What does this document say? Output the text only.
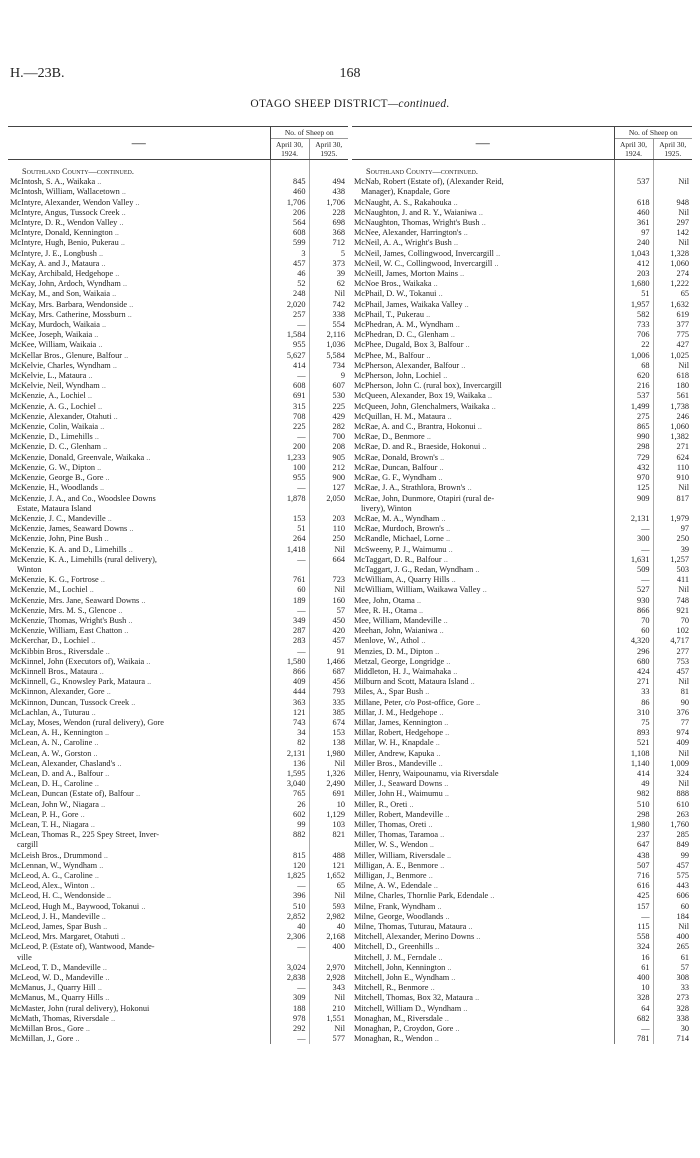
H.—23B.	168
OTAGO SHEEP DISTRICT—continued.
—	No. of Sheep on	
	April 30,
1924.	April 30,
1925.
Southland County—continued.		
McIntosh, S. A., Waikaka ..	845	494
McIntosh, William, Wallacetown ..	460	438
McIntyre, Alexander, Wendon Valley ..	1,706	1,706
McIntyre, Angus, Tussock Creek ..	206	228
McIntyre, D. R., Wendon Valley ..	564	698
McIntyre, Donald, Kennington ..	608	368
McIntyre, Hugh, Benio, Pukerau ..	599	712
McIntyre, J. E., Longbush ..	3	5
McKay, A. and J., Mataura ..	457	373
McKay, Archibald, Hedgehope ..	46	39
McKay, John, Ardoch, Wyndham ..	52	62
McKay, M., and Son, Waikaia ..	248	Nil
McKay, Mrs. Barbara, Wendonside ..	2,020	742
McKay, Mrs. Catherine, Mossburn ..	257	338
McKay, Murdoch, Waikaia ..	—	554
McKee, Joseph, Waikaia ..	1,584	2,116
McKee, William, Waikaia ..	955	1,036
McKellar Bros., Glenure, Balfour ..	5,627	5,584
McKelvie, Charles, Wyndham ..	414	734
McKelvie, L., Mataura ..	—	9
McKelvie, Neil, Wyndham ..	608	607
McKenzie, A., Lochiel ..	691	530
McKenzie, A. G., Lochiel ..	315	225
McKenzie, Alexander, Otahuti ..	708	429
McKenzie, Colin, Waikaia ..	225	282
McKenzie, D., Limehills ..	—	700
McKenzie, D. C., Glenham ..	200	208
McKenzie, Donald, Greenvale, Waikaka ..	1,233	905
McKenzie, G. W., Dipton ..	100	212
McKenzie, George B., Gore ..	955	900
McKenzie, H., Woodlands ..	—	127
McKenzie, J. A., and Co., Woodslee Downs	1,878	2,050
Estate, Mataura Island		
McKenzie, J. C., Mandeville ..	153	203
McKenzie, James, Seaward Downs ..	51	110
McKenzie, John, Pine Bush ..	264	250
McKenzie, K. A. and D., Limehills ..	1,418	Nil
McKenzie, K. A., Limehills (rural delivery),	—	664
Winton		
McKenzie, K. G., Fortrose ..	761	723
McKenzie, M., Lochiel ..	60	Nil
McKenzie, Mrs. Jane, Seaward Downs ..	189	160
McKenzie, Mrs. M. S., Glencoe ..	—	57
McKenzie, Thomas, Wright's Bush ..	349	450
McKenzie, William, East Chatton ..	287	420
McKerchar, D., Lochiel ..	283	457
McKibbin Bros., Riversdale ..	—	91
McKinnel, John (Executors of), Waikaia ..	1,580	1,466
McKinnell Bros., Mataura ..	866	687
McKinnell, G., Knowsley Park, Mataura ..	409	456
McKinnon, Alexander, Gore ..	444	793
McKinnon, Duncan, Tussock Creek ..	363	335
McLachlan, A., Tuturau ..	121	385
McLay, Moses, Wendon (rural delivery), Gore	743	674
McLean, A. H., Kennington ..	34	153
McLean, A. N., Caroline ..	82	138
McLean, A. W., Gorston ..	2,131	1,980
McLean, Alexander, Chasland's ..	136	Nil
McLean, D. and A., Balfour ..	1,595	1,326
McLean, D. H., Caroline ..	3,040	2,490
McLean, Duncan (Estate of), Balfour ..	765	691
McLean, John W., Niagara ..	26	10
McLean, P. H., Gore ..	602	1,129
McLean, T. H., Niagara ..	99	103
McLean, Thomas R., 225 Spey Street, Inver-	882	821
cargill		
McLeish Bros., Drummond ..	815	488
McLennan, W., Wyndham ..	120	121
McLeod, A. G., Caroline ..	1,825	1,652
McLeod, Alex., Winton ..	—	65
McLeod, H. C., Wendonside ..	396	Nil
McLeod, Hugh M., Baywood, Tokanui ..	510	593
McLeod, J. H., Mandeville ..	2,852	2,982
McLeod, James, Spar Bush ..	40	40
McLeod, Mrs. Margaret, Otahuti ..	2,306	2,168
McLeod, P. (Estate of), Wantwood, Mande-	—	400
ville		
McLeod, T. D., Mandeville ..	3,024	2,970
McLeod, W. D., Mandeville ..	2,838	2,928
McManus, J., Quarry Hill ..	—	343
McManus, M., Quarry Hills ..	309	Nil
McMaster, John (rural delivery), Hokonui	188	210
McMath, Thomas, Riversdale ..	978	1,551
McMillan Bros., Gore ..	292	Nil
McMillan, J., Gore ..	—	577
—	No. of Sheep on	
	April 30,
1924.	April 30,
1925.
Southland County—continued.		
McNab, Robert (Estate of), (Alexander Reid,	537	Nil
Manager), Knapdale, Gore		
McNaught, A. S., Rakahouka ..	618	948
McNaughton, J. and R. Y., Waianiwa ..	460	Nil
McNaughton, Thomas, Wright's Bush ..	361	297
McNee, Alexander, Harrington's ..	97	142
McNeil, A. A., Wright's Bush ..	240	Nil
McNeil, James, Collingwood, Invercargill ..	1,043	1,328
McNeil, W. C., Collingwood, Invercargill ..	412	1,060
McNeill, James, Morton Mains ..	203	274
McNoe Bros., Waikaka ..	1,680	1,222
McPhail, D. W., Tokanui ..	51	65
McPhail, James, Waikaka Valley ..	1,957	1,632
McPhail, T., Pukerau ..	582	619
McPhedran, A. M., Wyndham ..	733	377
McPhedran, D. C., Glenham ..	706	775
McPhee, Dugald, Box 3, Balfour ..	22	427
McPhee, M., Balfour ..	1,006	1,025
McPherson, Alexander, Balfour ..	68	Nil
McPherson, John, Lochiel ..	620	618
McPherson, John C. (rural box), Invercargill	216	180
McQueen, Alexander, Box 19, Waikaka ..	537	561
McQueen, John, Glenchalmers, Waikaka ..	1,499	1,738
McQuillan, H. M., Mataura ..	275	246
McRae, A. and C., Brantra, Hokonui ..	865	1,060
McRae, D., Benmore ..	990	1,382
McRae, D. and R., Braeside, Hokonui ..	298	271
McRae, Donald, Brown's ..	729	624
McRae, Duncan, Balfour ..	432	110
McRae, G. F., Wyndham ..	970	910
McRae, J. A., Strathlora, Brown's ..	125	Nil
McRae, John, Dunmore, Otapiri (rural de-	909	817
livery), Winton		
McRae, M. A., Wyndham ..	2,131	1,979
McRae, Murdoch, Brown's ..	—	97
McRandle, Michael, Lorne ..	300	250
McSweeny, P. J., Waimumu ..	—	39
McTaggart, D. R., Balfour ..	1,631	1,257
McTaggart, J. G., Redan, Wyndham ..	509	503
McWilliam, A., Quarry Hills ..	—	411
McWilliam, William, Waikawa Valley ..	527	Nil
Mee, John, Otama ..	930	748
Mee, R. H., Otama ..	866	921
Mee, William, Mandeville ..	70	70
Meehan, John, Waianiwa ..	60	102
Menlove, W., Athol ..	4,320	4,717
Menzies, D. M., Dipton ..	296	277
Metzal, George, Longridge ..	680	753
Middleton, H. J., Waimahaka ..	424	457
Milburn and Scott, Mataura Island ..	271	Nil
Miles, A., Spar Bush ..	33	81
Millane, Peter, c/o Post-office, Gore ..	86	90
Millar, J. M., Hedgehope ..	310	376
Millar, James, Kennington ..	75	77
Millar, Robert, Hedgehope ..	893	974
Millar, W. H., Knapdale ..	521	409
Miller, Andrew, Kapuka ..	1,108	Nil
Miller Bros., Mandeville ..	1,140	1,009
Miller, Henry, Waipounamu, via Riversdale	414	324
Miller, J., Seaward Downs ..	49	Nil
Miller, John H., Waimumu ..	982	888
Miller, R., Oreti ..	510	610
Miller, Robert, Mandeville ..	298	263
Miller, Thomas, Oreti ..	1,980	1,760
Miller, Thomas, Taramoa ..	237	285
Miller, W. S., Wendon ..	647	849
Miller, William, Riversdale ..	438	99
Milligan, A. E., Benmore ..	507	457
Milligan, J., Benmore ..	716	575
Milne, A. W., Edendale ..	616	443
Milne, Charles, Thornlie Park, Edendale ..	425	606
Milne, Frank, Wyndham ..	157	60
Milne, George, Woodlands ..	—	184
Milne, Thomas, Tuturau, Mataura ..	115	Nil
Mitchell, Alexander, Merino Downs ..	558	400
Mitchell, D., Greenhills ..	324	265
Mitchell, J. M., Ferndale ..	16	61
Mitchell, John, Kennington ..	61	57
Mitchell, John E., Wyndham ..	400	308
Mitchell, R., Benmore ..	10	33
Mitchell, Thomas, Box 32, Mataura ..	328	273
Mitchell, William D., Wyndham ..	64	328
Monaghan, M., Riversdale ..	682	338
Monaghan, P., Croydon, Gore ..	—	30
Monaghan, R., Wendon ..	781	714
